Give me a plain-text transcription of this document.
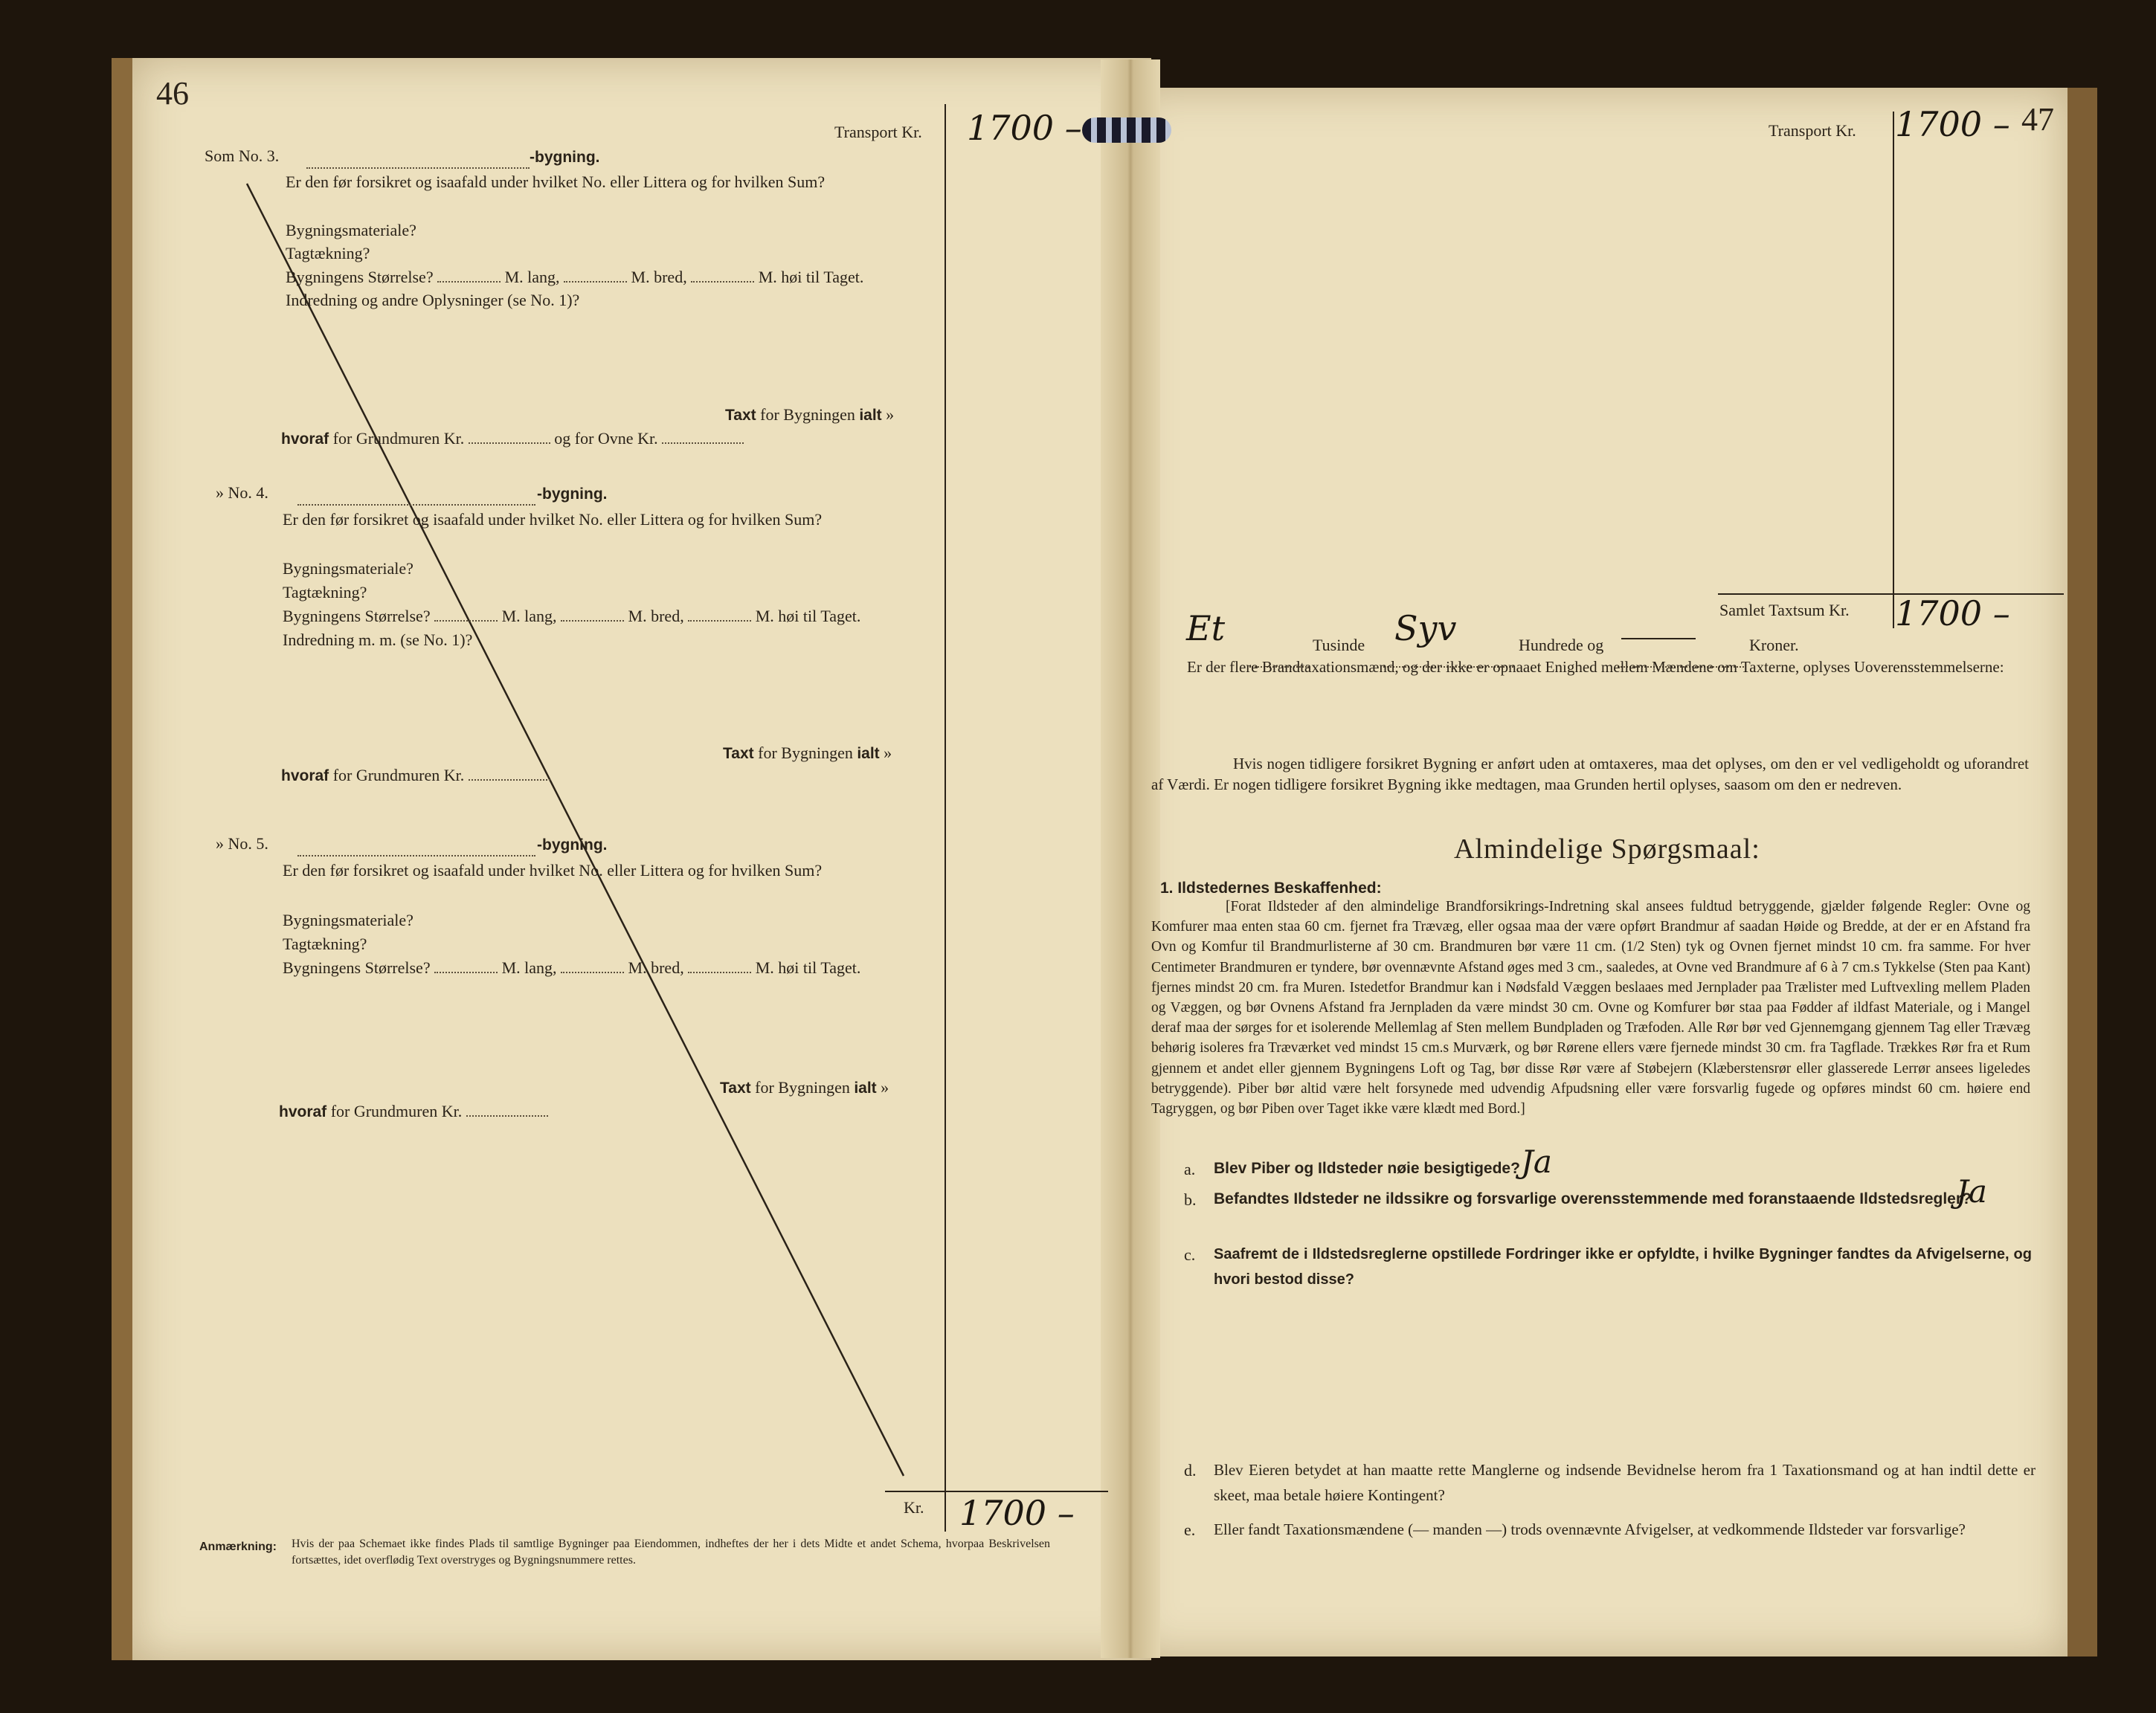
46
Transport Kr. 1700 –
Som No. 3.	-bygning.
Er den før forsikret og isaafald under hvilket No. eller Littera og for hvilken Sum?
Bygningsmateriale?
Tagtækning?
Bygningens Størrelse?	M. lang,	M. bred,	M. høi til Taget.
Indredning og andre Oplysninger (se No. 1)?
Taxt for Bygningen ialt »
hvoraf for Grundmuren Kr.	og for Ovne Kr.
» No. 4.	-bygning.
Er den før forsikret og isaafald under hvilket No. eller Littera og for hvilken Sum?
Bygningsmateriale?
Tagtækning?
Bygningens Størrelse?	M. lang,	M. bred,	M. høi til Taget.
Indredning m. m. (se No. 1)?
Taxt for Bygningen ialt »
hvoraf for Grundmuren Kr.
» No. 5.	-bygning.
Er den før forsikret og isaafald under hvilket No. eller Littera og for hvilken Sum?
Bygningsmateriale?
Tagtækning?
Bygningens Størrelse?	M. lang,	M. bred,	M. høi til Taget.
Taxt for Bygningen ialt »
hvoraf for Grundmuren Kr.
Kr. 1700 –
Anmærkning: Hvis der paa Schemaet ikke findes Plads til samtlige Bygninger paa Eiendommen, indheftes der her i dets Midte et andet Schema, hvorpaa Beskrivelsen fortsættes, idet overflødig Text overstryges og Bygningsnummere rettes.
Transport Kr. 1700 – 47
Samlet Taxtsum Kr. 1700 –
Et	Tusinde Syv	Hundrede og	Kroner.
Er der flere Brandtaxationsmænd, og der ikke er opnaaet Enighed mellem Mændene om Taxterne, oplyses Uoverensstemmelserne:
Hvis nogen tidligere forsikret Bygning er anført uden at omtaxeres, maa det oplyses, om den er vel vedligeholdt og uforandret af Værdi. Er nogen tidligere forsikret Bygning ikke medtagen, maa Grunden hertil oplyses, saasom om den er nedreven.
Almindelige Spørgsmaal:
1. Ildstedernes Beskaffenhed:
[Forat Ildsteder af den almindelige Brandforsikrings-Indretning skal ansees fuldtud betryggende, gjælder følgende Regler: Ovne og Komfurer maa enten staa 60 cm. fjernet fra Trævæg, eller ogsaa maa der være opført Brandmur af saadan Høide og Bredde, at der er en Afstand fra Ovn og Komfur til Brandmurlisterne af 30 cm. Brandmuren bør være 11 cm. (1/2 Sten) tyk og Ovnen fjernet mindst 10 cm. fra samme. For hver Centimeter Brandmuren er tyndere, bør ovennævnte Afstand øges med 3 cm., saaledes, at Ovne ved Brandmure af 6 à 7 cm.s Tykkelse (Sten paa Kant) fjernes mindst 20 cm. fra Muren. Istedetfor Brandmur kan i Nødsfald Væggen beslaaes med Jernplader paa Trælister med Luftvexling mellem Pladen og Væggen, og bør Ovnens Afstand fra Jernpladen da være mindst 30 cm. Ovne og Komfurer bør staa paa Fødder af ildfast Materiale, og i Mangel deraf maa der sørges for et isolerende Mellemlag af Sten mellem Bundpladen og Træfoden. Alle Rør bør ved Gjennemgang gjennem Tag eller Trævæg behørig isoleres fra Træværket ved mindst 15 cm.s Murværk, og bør Rørene ellers være fjernede mindst 30 cm. fra Tagflade. Trækkes Rør fra et Rum gjennem et andet eller gjennem Bygningens Loft og Tag, bør disse Rør være af Støbejern (Klæberstensrør eller glasserede Lerrør ansees ligeledes betryggende). Piber bør altid være helt forsynede med udvendig Afpudsning eller være forsvarlig fugede og opføres mindst 60 cm. høiere end Tagryggen, og bør Piben over Taget ikke være klædt med Bord.]
a. Blev Piber og Ildsteder nøie besigtigede? Ja
b. Befandtes Ildsteder ne ildssikre og forsvarlige overensstemmende med foranstaaende Ildstedsregler?
Ja
c. Saafremt de i Ildstedsreglerne opstillede Fordringer ikke er opfyldte, i hvilke Bygninger fandtes da Afvigelserne, og hvori bestod disse?
d. Blev Eieren betydet at han maatte rette Manglerne og indsende Bevidnelse herom fra 1 Taxationsmand og at han indtil dette er skeet, maa betale høiere Kontingent?
e. Eller fandt Taxationsmændene (— manden —) trods ovennævnte Afvigelser, at vedkommende Ildsteder var forsvarlige?
